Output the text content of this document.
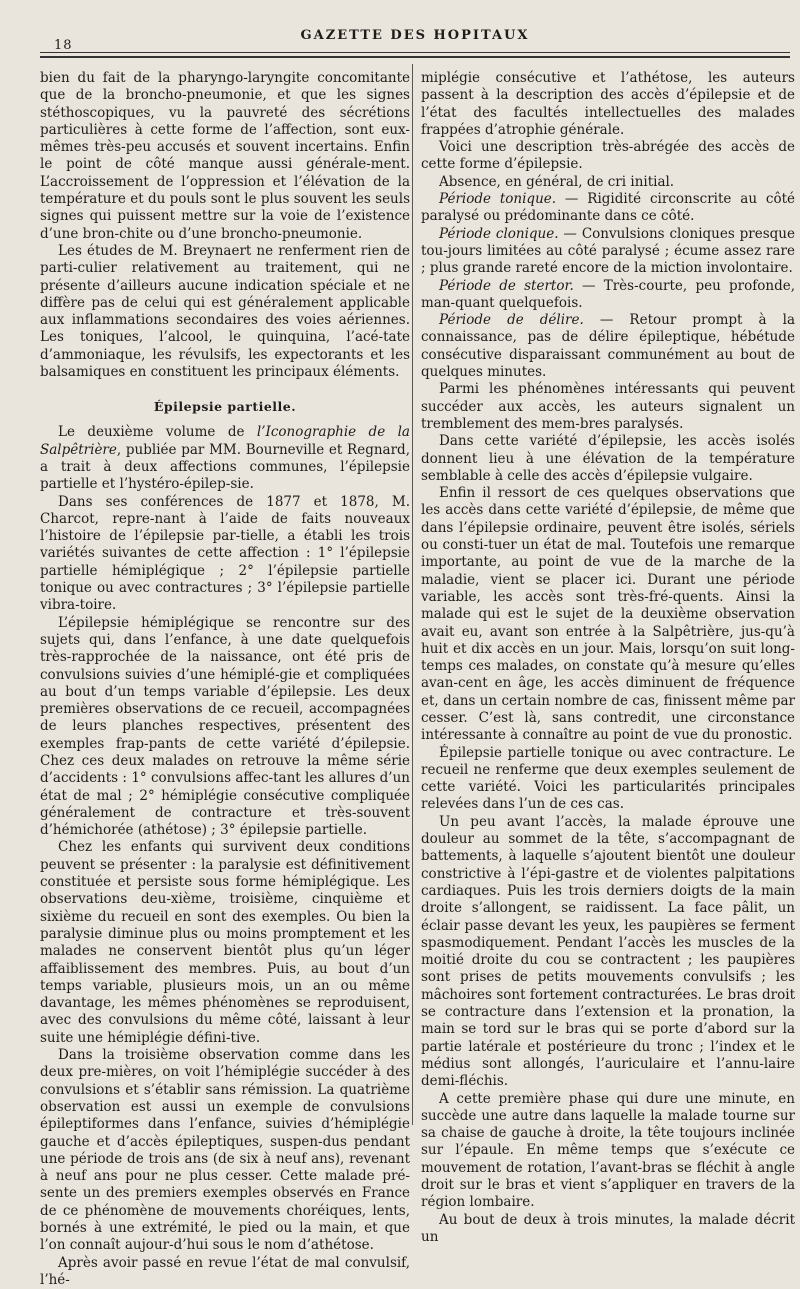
18
GAZETTE DES HOPITAUX

bien du fait de la pharyngo-laryngite concomitante que de la broncho-pneumonie, et que les signes stéthoscopiques, vu la pauvreté des sécrétions particulières à cette forme de l’affection, sont eux-mêmes très-peu accusés et souvent incertains. Enfin le point de côté manque aussi générale-ment. L’accroissement de l’oppression et l’élévation de la température et du pouls sont le plus souvent les seuls signes qui puissent mettre sur la voie de l’existence d’une bron-chite ou d’une broncho-pneumonie.

Les études de M. Breynaert ne renferment rien de parti-culier relativement au traitement, qui ne présente d’ailleurs aucune indication spéciale et ne diffère pas de celui qui est généralement applicable aux inflammations secondaires des voies aériennes. Les toniques, l’alcool, le quinquina, l’acé-tate d’ammoniaque, les révulsifs, les expectorants et les balsamiques en constituent les principaux éléments.

Épilepsie partielle.

Le deuxième volume de l’Iconographie de la Salpêtrière, publiée par MM. Bourneville et Regnard, a trait à deux affections communes, l’épilepsie partielle et l’hystéro-épilep-sie.

Dans ses conférences de 1877 et 1878, M. Charcot, repre-nant à l’aide de faits nouveaux l’histoire de l’épilepsie par-tielle, a établi les trois variétés suivantes de cette affection : 1° l’épilepsie partielle hémiplégique ; 2° l’épilepsie partielle tonique ou avec contractures ; 3° l’épilepsie partielle vibra-toire.

L’épilepsie hémiplégique se rencontre sur des sujets qui, dans l’enfance, à une date quelquefois très-rapprochée de la naissance, ont été pris de convulsions suivies d’une hémiplé-gie et compliquées au bout d’un temps variable d’épilepsie. Les deux premières observations de ce recueil, accompagnées de leurs planches respectives, présentent des exemples frap-pants de cette variété d’épilepsie. Chez ces deux malades on retrouve la même série d’accidents : 1° convulsions affec-tant les allures d’un état de mal ; 2° hémiplégie consécutive compliquée généralement de contracture et très-souvent d’hémichorée (athétose) ; 3° épilepsie partielle.

Chez les enfants qui survivent deux conditions peuvent se présenter : la paralysie est définitivement constituée et persiste sous forme hémiplégique. Les observations deu-xième, troisième, cinquième et sixième du recueil en sont des exemples. Ou bien la paralysie diminue plus ou moins promptement et les malades ne conservent bientôt plus qu’un léger affaiblissement des membres. Puis, au bout d’un temps variable, plusieurs mois, un an ou même davantage, les mêmes phénomènes se reproduisent, avec des convulsions du même côté, laissant à leur suite une hémiplégie défini-tive.

Dans la troisième observation comme dans les deux pre-mières, on voit l’hémiplégie succéder à des convulsions et s’établir sans rémission. La quatrième observation est aussi un exemple de convulsions épileptiformes dans l’enfance, suivies d’hémiplégie gauche et d’accès épileptiques, suspen-dus pendant une période de trois ans (de six à neuf ans), revenant à neuf ans pour ne plus cesser. Cette malade pré-sente un des premiers exemples observés en France de ce phénomène de mouvements choréiques, lents, bornés à une extrémité, le pied ou la main, et que l’on connaît aujour-d’hui sous le nom d’athétose.

Après avoir passé en revue l’état de mal convulsif, l’hé-

miplégie consécutive et l’athétose, les auteurs passent à la description des accès d’épilepsie et de l’état des facultés intellectuelles des malades frappées d’atrophie générale.

Voici une description très-abrégée des accès de cette forme d’épilepsie.

Absence, en général, de cri initial.

Période tonique. — Rigidité circonscrite au côté paralysé ou prédominante dans ce côté.

Période clonique. — Convulsions cloniques presque tou-jours limitées au côté paralysé ; écume assez rare ; plus grande rareté encore de la miction involontaire.

Période de stertor. — Très-courte, peu profonde, man-quant quelquefois.

Période de délire. — Retour prompt à la connaissance, pas de délire épileptique, hébétude consécutive disparaissant communément au bout de quelques minutes.

Parmi les phénomènes intéressants qui peuvent succéder aux accès, les auteurs signalent un tremblement des mem-bres paralysés.

Dans cette variété d’épilepsie, les accès isolés donnent lieu à une élévation de la température semblable à celle des accès d’épilepsie vulgaire.

Enfin il ressort de ces quelques observations que les accès dans cette variété d’épilepsie, de même que dans l’épilepsie ordinaire, peuvent être isolés, sériels ou consti-tuer un état de mal. Toutefois une remarque importante, au point de vue de la marche de la maladie, vient se placer ici. Durant une période variable, les accès sont très-fré-quents. Ainsi la malade qui est le sujet de la deuxième observation avait eu, avant son entrée à la Salpêtrière, jus-qu’à huit et dix accès en un jour. Mais, lorsqu’on suit long-temps ces malades, on constate qu’à mesure qu’elles avan-cent en âge, les accès diminuent de fréquence et, dans un certain nombre de cas, finissent même par cesser. C’est là, sans contredit, une circonstance intéressante à connaître au point de vue du pronostic.

Épilepsie partielle tonique ou avec contracture. Le recueil ne renferme que deux exemples seulement de cette variété. Voici les particularités principales relevées dans l’un de ces cas.

Un peu avant l’accès, la malade éprouve une douleur au sommet de la tête, s’accompagnant de battements, à laquelle s’ajoutent bientôt une douleur constrictive à l’épi-gastre et de violentes palpitations cardiaques. Puis les trois derniers doigts de la main droite s’allongent, se raidissent. La face pâlit, un éclair passe devant les yeux, les paupières se ferment spasmodiquement. Pendant l’accès les muscles de la moitié droite du cou se contractent ; les paupières sont prises de petits mouvements convulsifs ; les mâchoires sont fortement contracturées. Le bras droit se contracture dans l’extension et la pronation, la main se tord sur le bras qui se porte d’abord sur la partie latérale et postérieure du tronc ; l’index et le médius sont allongés, l’auriculaire et l’annu-laire demi-fléchis.

A cette première phase qui dure une minute, en succède une autre dans laquelle la malade tourne sur sa chaise de gauche à droite, la tête toujours inclinée sur l’épaule. En même temps que s’exécute ce mouvement de rotation, l’avant-bras se fléchit à angle droit sur le bras et vient s’appliquer en travers de la région lombaire.

Au bout de deux à trois minutes, la malade décrit un
